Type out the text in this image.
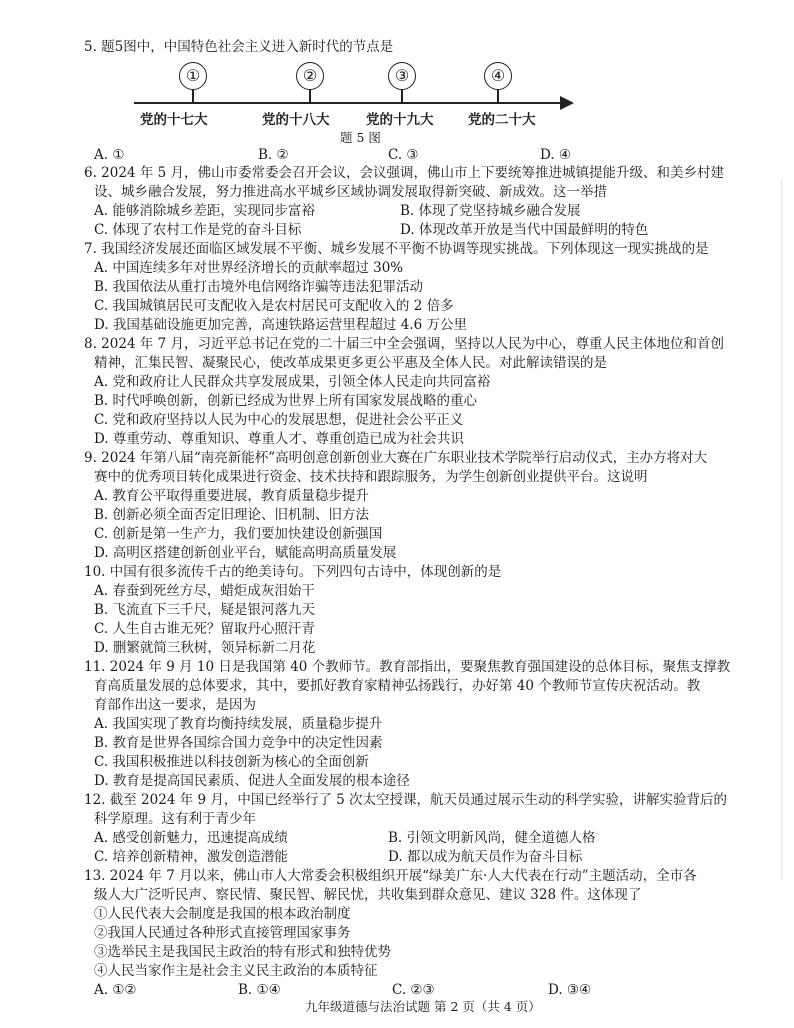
5. 题5图中，中国特色社会主义进入新时代的节点是
①	②	③	④
党的十七大	党的十八大	党的十九大	党的二十大
题 5 图
A. ①	B. ②	C. ③	D. ④
6. 2024 年 5 月，佛山市委常委会召开会议，会议强调，佛山市上下要统筹推进城镇提能升级、和美乡村建
设、城乡融合发展，努力推进高水平城乡区域协调发展取得新突破、新成效。这一举措
A. 能够消除城乡差距，实现同步富裕	B. 体现了党坚持城乡融合发展
C. 体现了农村工作是党的奋斗目标	D. 体现改革开放是当代中国最鲜明的特色
7. 我国经济发展还面临区域发展不平衡、城乡发展不平衡不协调等现实挑战。下列体现这一现实挑战的是
A. 中国连续多年对世界经济增长的贡献率超过 30%
B. 我国依法从重打击境外电信网络诈骗等违法犯罪活动
C. 我国城镇居民可支配收入是农村居民可支配收入的 2 倍多
D. 我国基础设施更加完善，高速铁路运营里程超过 4.6 万公里
8. 2024 年 7 月，习近平总书记在党的二十届三中全会强调，坚持以人民为中心，尊重人民主体地位和首创
精神，汇集民智、凝聚民心，使改革成果更多更公平惠及全体人民。对此解读错误的是
A. 党和政府让人民群众共享发展成果，引领全体人民走向共同富裕
B. 时代呼唤创新，创新已经成为世界上所有国家发展战略的重心
C. 党和政府坚持以人民为中心的发展思想，促进社会公平正义
D. 尊重劳动、尊重知识、尊重人才、尊重创造已成为社会共识
9. 2024 年第八届“南亮新能杯”高明创意创新创业大赛在广东职业技术学院举行启动仪式，主办方将对大
赛中的优秀项目转化成果进行资金、技术扶持和跟踪服务，为学生创新创业提供平台。这说明
A. 教育公平取得重要进展，教育质量稳步提升
B. 创新必须全面否定旧理论、旧机制、旧方法
C. 创新是第一生产力，我们要加快建设创新强国
D. 高明区搭建创新创业平台，赋能高明高质量发展
10. 中国有很多流传千古的绝美诗句。下列四句古诗中，体现创新的是
A. 春蚕到死丝方尽，蜡炬成灰泪始干
B. 飞流直下三千尺，疑是银河落九天
C. 人生自古谁无死？留取丹心照汗青
D. 删繁就简三秋树，领异标新二月花
11. 2024 年 9 月 10 日是我国第 40 个教师节。教育部指出，要聚焦教育强国建设的总体目标，聚焦支撑教
育高质量发展的总体要求，其中，要抓好教育家精神弘扬践行，办好第 40 个教师节宣传庆祝活动。教
育部作出这一要求，是因为
A. 我国实现了教育均衡持续发展，质量稳步提升
B. 教育是世界各国综合国力竞争中的决定性因素
C. 我国积极推进以科技创新为核心的全面创新
D. 教育是提高国民素质、促进人全面发展的根本途径
12. 截至 2024 年 9 月，中国已经举行了 5 次太空授课，航天员通过展示生动的科学实验，讲解实验背后的
科学原理。这有利于青少年
A. 感受创新魅力，迅速提高成绩	B. 引领文明新风尚，健全道德人格
C. 培养创新精神，激发创造潜能	D. 都以成为航天员作为奋斗目标
13. 2024 年 7 月以来，佛山市人大常委会积极组织开展“绿美广东·人大代表在行动”主题活动，全市各
级人大广泛听民声、察民情、聚民智、解民忧，共收集到群众意见、建议 328 件。这体现了
①人民代表大会制度是我国的根本政治制度
②我国人民通过各种形式直接管理国家事务
③选举民主是我国民主政治的特有形式和独特优势
④人民当家作主是社会主义民主政治的本质特征
A. ①②	B. ①④	C. ②③	D. ③④
九年级道德与法治试题 第 2 页（共 4 页）
